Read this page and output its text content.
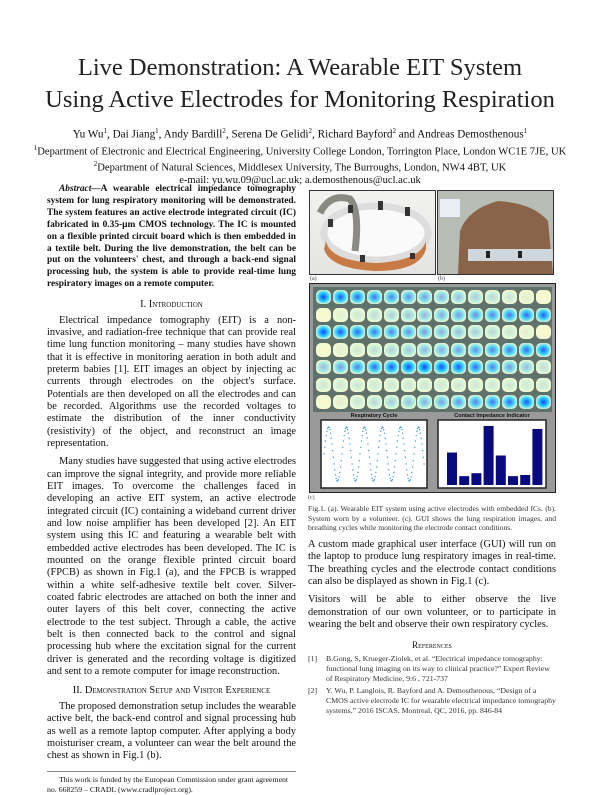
Live Demonstration: A Wearable EIT System
Using Active Electrodes for Monitoring Respiration
Yu Wu$^1$, Dai Jiang$^1$, Andy Bardill$^2$, Serena De Gelidi$^2$, Richard Bayford$^2$ and Andreas Demosthenous$^1$
$^1$Department of Electronic and Electrical Engineering, University College London, Torrington Place, London WC1E 7JE, UK
$^2$Department of Natural Sciences, Middlesex University, The Burroughs, London, NW4 4BT, UK
e-mail: yu.wu.09@ucl.ac.uk; a.demosthenous@ucl.ac.uk

Abstract—A wearable electrical impedance tomography system for lung respiratory monitoring will be demonstrated. The system features an active electrode integrated circuit (IC) fabricated in 0.35-µm CMOS technology. The IC is mounted on a flexible printed circuit board which is then embedded in a textile belt. During the live demonstration, the belt can be put on the volunteers' chest, and through a back-end signal processing hub, the system is able to provide real-time lung respiratory images on a remote computer.

I. Introduction

Electrical impedance tomography (EIT) is a non-invasive, and radiation-free technique that can provide real time lung function monitoring – many studies have shown that it is effective in monitoring aeration in both adult and preterm babies [1]. EIT images an object by injecting ac currents through electrodes on the object's surface. Potentials are then developed on all the electrodes and can be recorded. Algorithms use the recorded voltages to estimate the distribution of the inner conductivity (resistivity) of the object, and reconstruct an image representation.

Many studies have suggested that using active electrodes can improve the signal integrity, and provide more reliable EIT images. To overcome the challenges faced in developing an active EIT system, an active electrode integrated circuit (IC) containing a wideband current driver and low noise amplifier has been developed [2]. An EIT system using this IC and featuring a wearable belt with embedded active electrodes has been developed. The IC is mounted on the orange flexible printed circuit board (FPCB) as shown in Fig.1 (a), and the FPCB is wrapped within a white self-adhesive textile belt cover. Silver-coated fabric electrodes are attached on both the inner and outer layers of this belt cover, connecting the active electrode to the test subject. Through a cable, the active belt is then connected back to the control and signal processing hub where the excitation signal for the current driver is generated and the recording voltage is digitized and sent to a remote computer for image reconstruction.

II. Demonstration Setup and Visitor Experience

The proposed demonstration setup includes the wearable active belt, the back-end control and signal processing hub as well as a remote laptop computer. After applying a body moisturiser cream, a volunteer can wear the belt around the chest as shown in Fig.1 (b).

This work is funded by the European Commission under grant agreement no. 668259 – CRADL (www.cradlproject.org).
(a)	(b)
Respiratory Cycle	Contact Impedance Indicator
(c)
Fig.1. (a). Wearable EIT system using active electrodes with embedded ICs. (b). System worn by a volunteer. (c). GUI shows the lung respiration images, and breathing cycles while monitoring the electrode contact conditions.

A custom made graphical user interface (GUI) will run on the laptop to produce lung respiratory images in real-time. The breathing cycles and the electrode contact conditions can also be displayed as shown in Fig.1 (c).

Visitors will be able to either observe the live demonstration of our own volunteer, or to participate in wearing the belt and observe their own respiratory cycles.

References
[1]	B.Gong, S, Krueger-Ziolek, et al. “Electrical impedance tomography: functional lung imaging on its way to clinical practice?” Expert Review of Respiratory Medicine, 9:6 , 721-737
[2]	Y. Wu, P. Langlois, R. Bayford and A. Demosthenous, “Design of a CMOS active electrode IC for wearable electrical impedance tomography systems,” 2016 ISCAS, Montreal, QC, 2016, pp. 846-84
